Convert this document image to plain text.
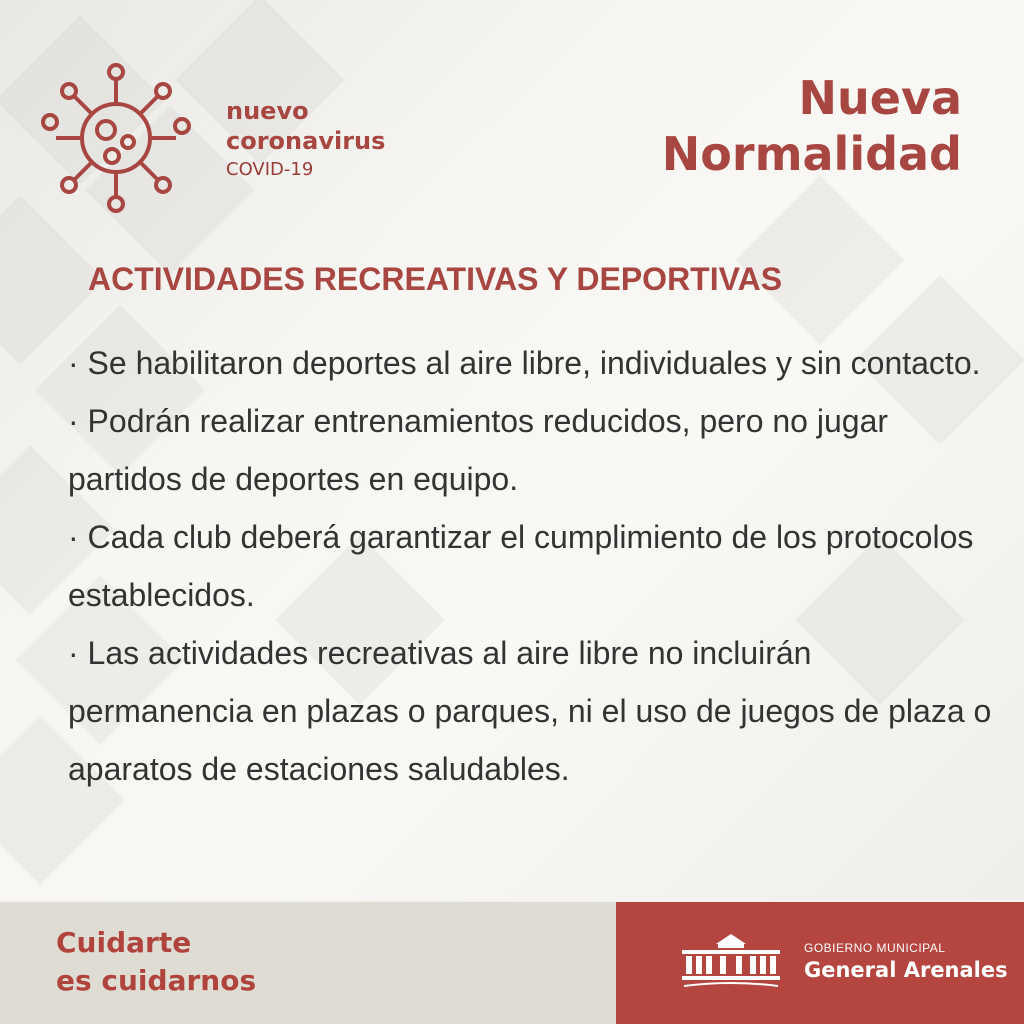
nuevo
coronavirus
COVID-19
Nueva
Normalidad
ACTIVIDADES RECREATIVAS Y DEPORTIVAS

· Se habilitaron deportes al aire libre, individuales y sin contacto.

· Podrán realizar entrenamientos reducidos, pero no jugar partidos de deportes en equipo.

· Cada club deberá garantizar el cumplimiento de los protocolos establecidos.

· Las actividades recreativas al aire libre no incluirán permanencia en plazas o parques, ni el uso de juegos de plaza o aparatos de estaciones saludables.

Cuidarte
es cuidarnos
GOBIERNO MUNICIPAL
General Arenales
